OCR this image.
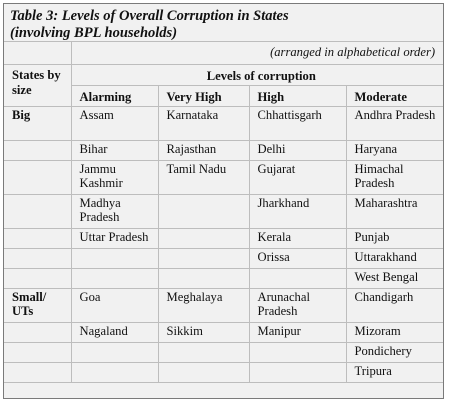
Table 3: Levels of Overall Corruption in States
(involving BPL households)
	(arranged in alphabetical order)			
States by size	Levels of corruption			
	Alarming	Very High	High	Moderate
Big	Assam	Karnataka	Chhattisgarh	Andhra Pradesh
	Bihar	Rajasthan	Delhi	Haryana
	Jammu Kashmir	Tamil Nadu	Gujarat	Himachal Pradesh
	Madhya Pradesh		Jharkhand	Maharashtra
	Uttar Pradesh		Kerala	Punjab
			Orissa	Uttarakhand
				West Bengal
Small/ UTs	Goa	Meghalaya	Arunachal Pradesh	Chandigarh
	Nagaland	Sikkim	Manipur	Mizoram
				Pondichery
				Tripura
